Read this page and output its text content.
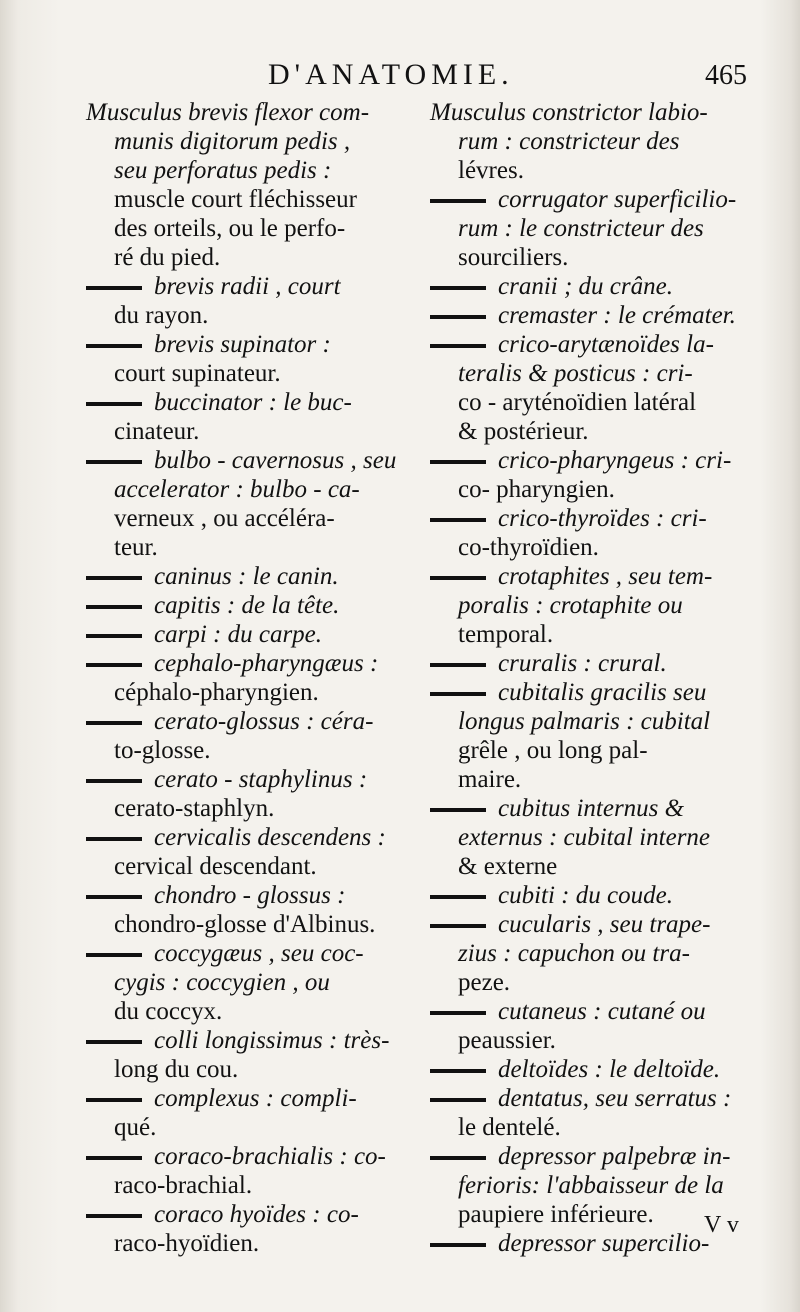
D'ANATOMIE.	465
Musculus brevis flexor com-
munis digitorum pedis ,
seu perforatus pedis :
muscle court fléchisseur
des orteils, ou le perfo-
ré du pied.
brevis radii , court
du rayon.
brevis supinator :
court supinateur.
buccinator : le buc-
cinateur.
bulbo - cavernosus , seu
accelerator : bulbo - ca-
verneux , ou accéléra-
teur.
caninus : le canin.
capitis : de la tête.
carpi : du carpe.
cephalo-pharyngæus :
céphalo-pharyngien.
cerato-glossus : céra-
to-glosse.
cerato - staphylinus :
cerato-staphlyn.
cervicalis descendens :
cervical descendant.
chondro - glossus :
chondro-glosse d'Albinus.
coccygæus , seu coc-
cygis : coccygien , ou
du coccyx.
colli longissimus : très-
long du cou.
complexus : compli-
qué.
coraco-brachialis : co-
raco-brachial.
coraco hyoïdes : co-
raco-hyoïdien.
Musculus constrictor labio-
rum : constricteur des
lévres.
corrugator superficilio-
rum : le constricteur des
sourciliers.
cranii ; du crâne.
cremaster : le crémater.
crico-arytænoïdes la-
teralis & posticus : cri-
co - aryténoïdien latéral
& postérieur.
crico-pharyngeus : cri-
co- pharyngien.
crico-thyroïdes : cri-
co-thyroïdien.
crotaphites , seu tem-
poralis : crotaphite ou
temporal.
cruralis : crural.
cubitalis gracilis seu
longus palmaris : cubital
grêle , ou long pal-
maire.
cubitus internus &
externus : cubital interne
& externe
cubiti : du coude.
cucularis , seu trape-
zius : capuchon ou tra-
peze.
cutaneus : cutané ou
peaussier.
deltoïdes : le deltoïde.
dentatus, seu serratus :
le dentelé.
depressor palpebræ in-
ferioris: l'abbaisseur de la
paupiere inférieure.
depressor supercilio-
V v
